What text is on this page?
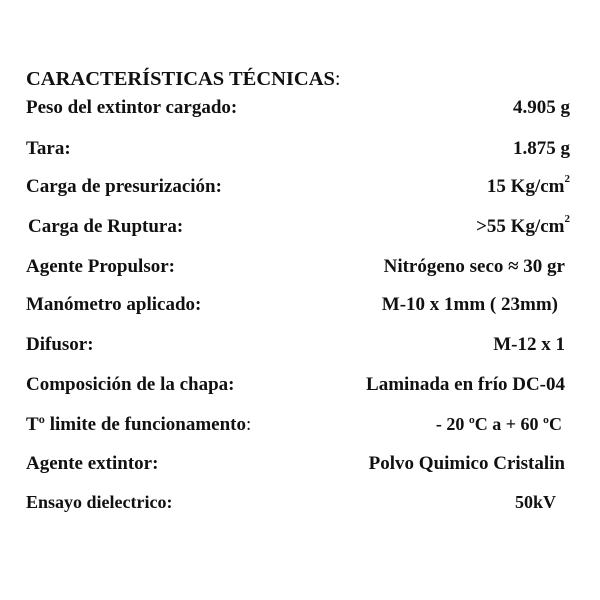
CARACTERÍSTICAS TÉCNICAS:
Peso del extintor cargado:	4.905 g
Tara:	1.875 g
Carga de presurización:	15 $Kg/cm^2$
Carga de Ruptura:	>55 $Kg/cm^2$
Agente Propulsor:	Nitrógeno seco ≈ 30 gr
Manómetro aplicado:	M-10 x 1mm ( 23mm)
Difusor:	M-12 x 1
Composición de la chapa:	Laminada en frío DC-04
Tº limite de funcionamento:	- 20 ºC a + 60 ºC
Agente extintor:	Polvo Quimico Cristalin
Ensayo dielectrico:	50kV
